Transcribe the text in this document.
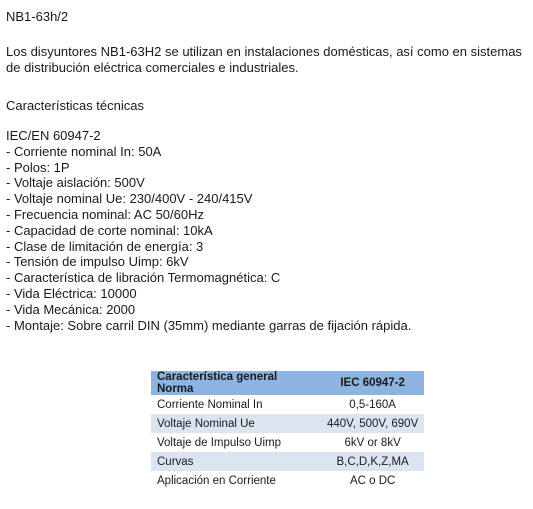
NB1-63h/2
Los disyuntores NB1-63H2 se utilizan en instalaciones domésticas, así como en sistemas de distribución eléctrica comerciales e industriales.
Características técnicas
IEC/EN 60947-2
- Corriente nominal In: 50A
- Polos: 1P
- Voltaje aislación: 500V
- Voltaje nominal Ue: 230/400V - 240/415V
- Frecuencia nominal: AC 50/60Hz
- Capacidad de corte nominal: 10kA
- Clase de limitación de energía: 3
- Tensión de impulso Uimp: 6kV
- Característica de libración Termomagnética: C
- Vida Eléctrica: 10000
- Vida Mecánica: 2000
- Montaje: Sobre carril DIN (35mm) mediante garras de fijación rápida.
Característica general Norma	IEC 60947-2
Corriente Nominal In	0,5-160A
Voltaje Nominal Ue	440V, 500V, 690V
Voltaje de Impulso Uimp	6kV or 8kV
Curvas	B,C,D,K,Z,MA
Aplicación en Corriente	AC o DC
